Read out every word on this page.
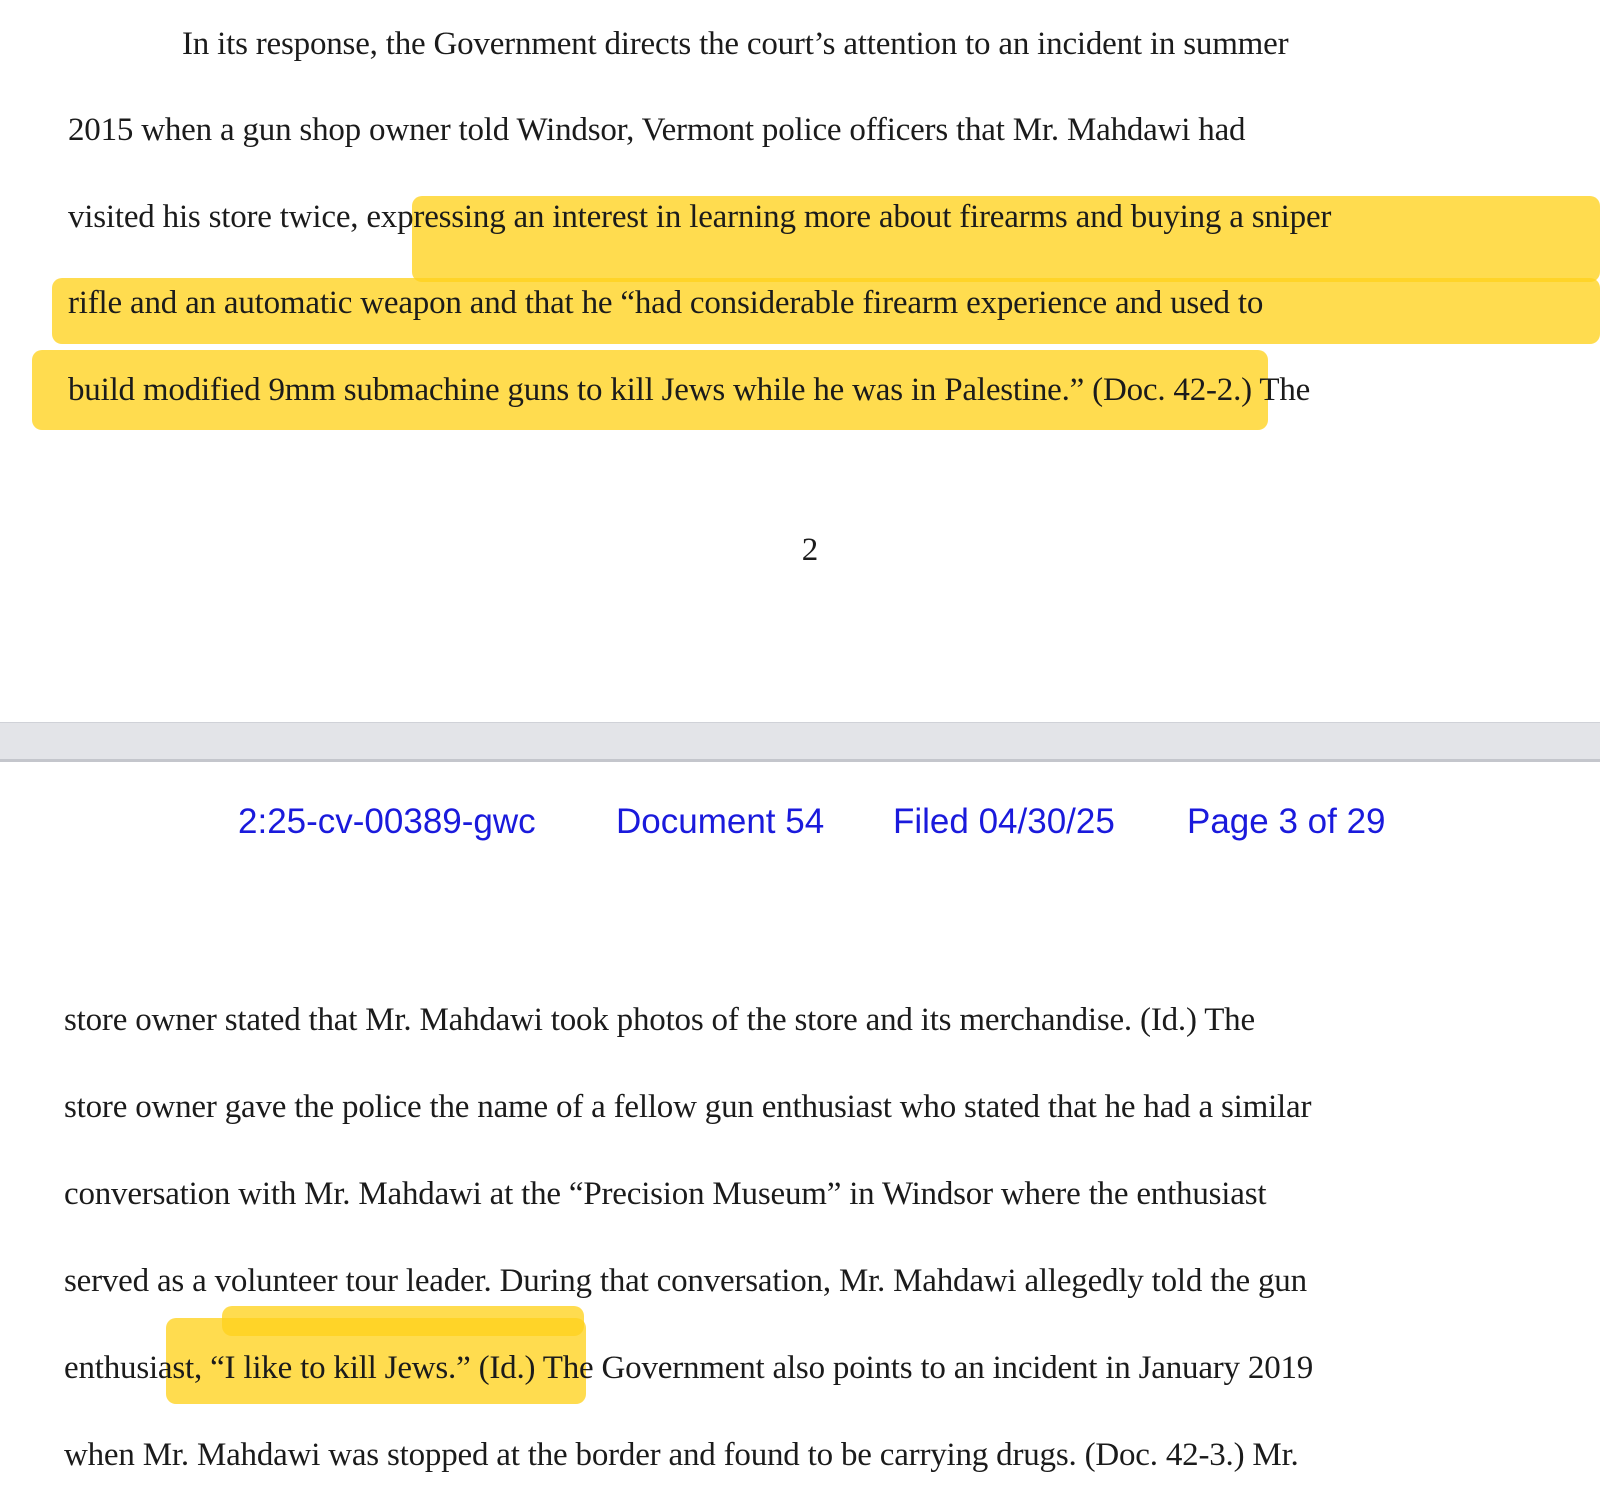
In its response, the Government directs the court’s attention to an incident in summer
2015 when a gun shop owner told Windsor, Vermont police officers that Mr. Mahdawi had
visited his store twice, expressing an interest in learning more about firearms and buying a sniper
rifle and an automatic weapon and that he “had considerable firearm experience and used to
build modified 9mm submachine guns to kill Jews while he was in Palestine.” (Doc. 42-2.) The
2
2:25-cv-00389-gwc Document 54 Filed 04/30/25 Page 3 of 29
store owner stated that Mr. Mahdawi took photos of the store and its merchandise. (Id.) The
store owner gave the police the name of a fellow gun enthusiast who stated that he had a similar
conversation with Mr. Mahdawi at the “Precision Museum” in Windsor where the enthusiast
served as a volunteer tour leader. During that conversation, Mr. Mahdawi allegedly told the gun
enthusiast, “I like to kill Jews.” (Id.) The Government also points to an incident in January 2019
when Mr. Mahdawi was stopped at the border and found to be carrying drugs. (Doc. 42-3.) Mr.
